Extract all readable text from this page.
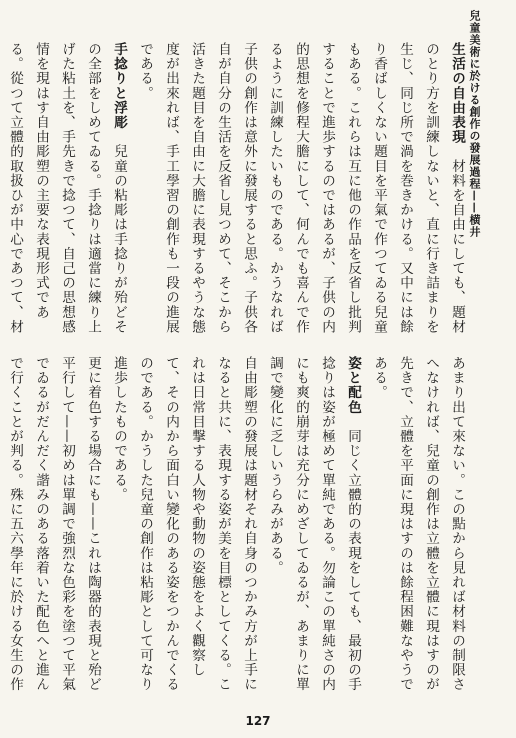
兒童美術に於ける創作の發展過程——横井

生活の自由表現　材料を自由にしても、題材のとり方を訓練しないと、直に行き詰まりを生じ、同じ所で渦を巻きかける。又中には餘り香ばしくない題目を平氣で作つてゐる兒童もある。これらは互に他の作品を反省し批判することで進歩するのではあるが、子供の内的思想を修程大膽にして、何んでも喜んで作るように訓練したいものである。かうなれば子供の創作は意外に發展すると思ふ。子供各自が自分の生活を反省し見つめて、そこから活きた題目を自由に大膽に表現するやうな態度が出來れば、手工學習の創作も一段の進展である。

手捻りと浮彫　兒童の粘彫は手捻りが殆どその全部をしめてゐる。手捻りは適當に練り上げた粘土を、手先きで捻つて、自己の思想感情を現はす自由彫塑の主要な表現形式である。從つて立體的取扱ひが中心であつて、材

あまり出て來ない。この點から見れば材料の制限さへなければ、兒童の創作は立體を立體に現はすのが先きで、立體を平面に現はすのは餘程困難なやうである。

姿と配色　同じく立體的の表現をしても、最初の手捻りは姿が極めて單純である。勿論この單純さの内にも爽的崩芽は充分にめざしてゐるが、あまりに單調で變化に乏しいうらみがある。

自由彫塑の發展は題材それ自身のつかみ方が上手になると共に、表現する姿が美を目標としてくる。これは日常目撃する人物や動物の姿態をよく觀察して、その内から面白い變化のある姿をつかんでくるのである。かうした兒童の創作は粘彫として可なり進歩したものである。

更に着色する場合にも——これは陶器的表現と殆ど平行して——初めは單調で強烈な色彩を塗つて平氣でゐるがだんだく諧みのある落着いた配色へと進んで行くことが判る。殊に五六學年に於ける女生の作

127
